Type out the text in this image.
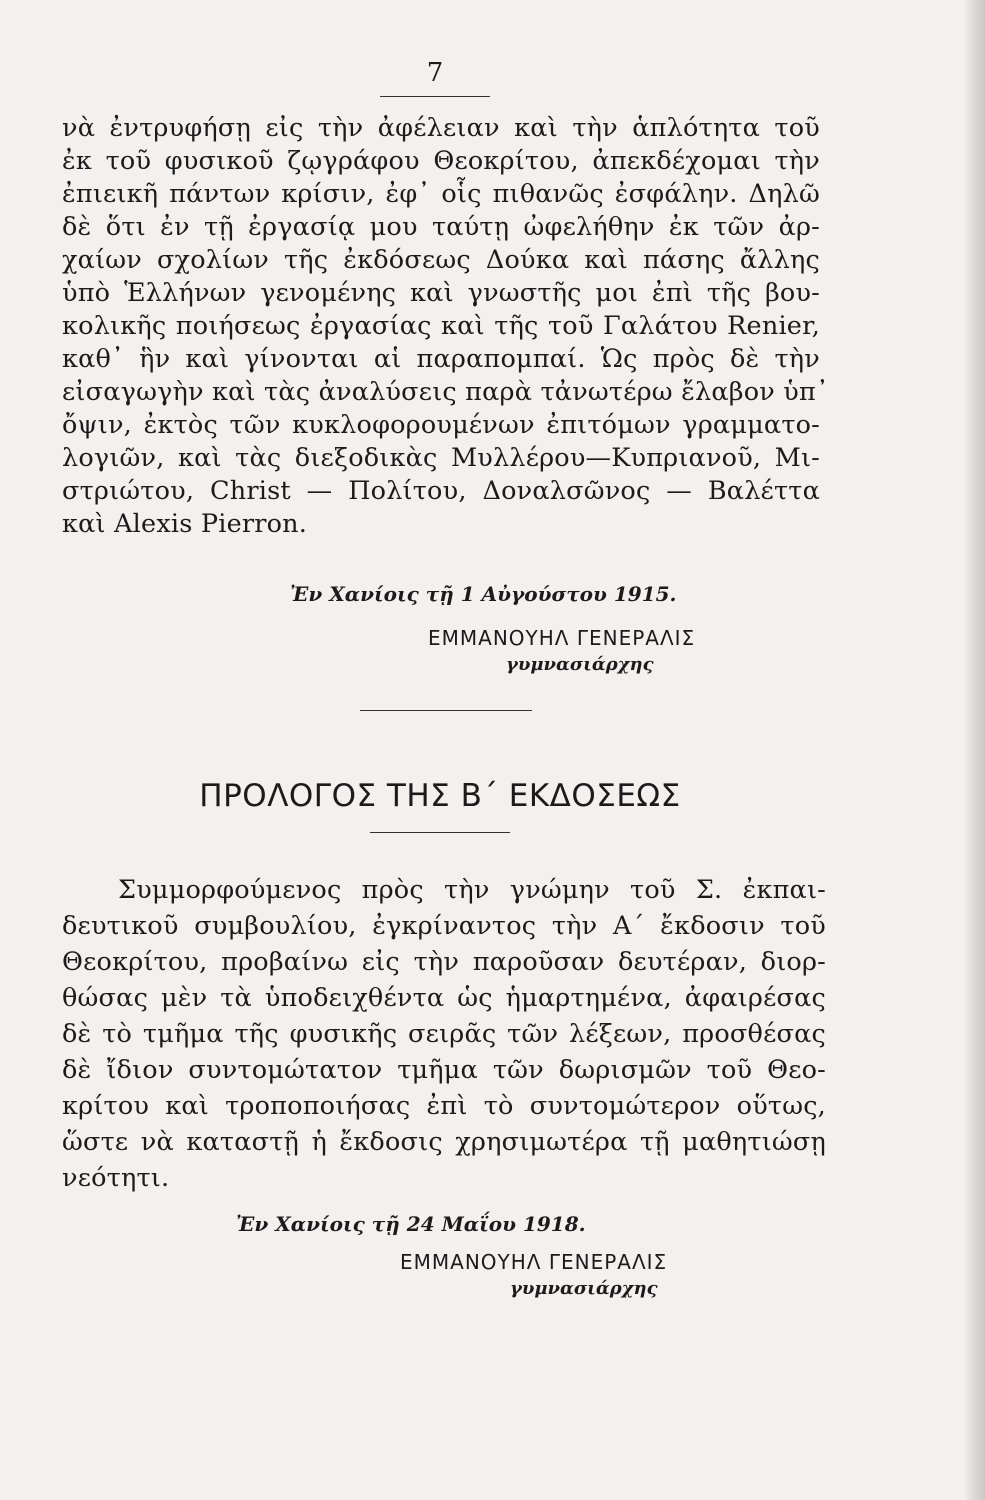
7
νὰ ἐντρυφήσῃ εἰς τὴν ἀφέλειαν καὶ τὴν ἁπλότητα τοῦ
ἐκ τοῦ φυσικοῦ ζῳγράφου Θεοκρίτου, ἀπεκδέχομαι τὴν
ἐπιεικῆ πάντων κρίσιν, ἐφ᾽ οἷς πιθανῶς ἐσφάλην. Δηλῶ
δὲ ὅτι ἐν τῇ ἐργασίᾳ μου ταύτῃ ὠφελήθην ἐκ τῶν ἀρ-
χαίων σχολίων τῆς ἐκδόσεως Δούκα καὶ πάσης ἄλλης
ὑπὸ Ἑλλήνων γενομένης καὶ γνωστῆς μοι ἐπὶ τῆς βου-
κολικῆς ποιήσεως ἐργασίας καὶ τῆς τοῦ Γαλάτου Renier,
καθ᾽ ἣν καὶ γίνονται αἱ παραπομπαί. Ὡς πρὸς δὲ τὴν
εἰσαγωγὴν καὶ τὰς ἀναλύσεις παρὰ τἀνωτέρω ἔλαβον ὑπ᾽
ὄψιν, ἐκτὸς τῶν κυκλοφορουμένων ἐπιτόμων γραμματο-
λογιῶν, καὶ τὰς διεξοδικὰς Μυλλέρου—Κυπριανοῦ, Μι-
στριώτου, Christ — Πολίτου, Δοναλσῶνος — Βαλέττα
καὶ Alexis Pierron.
Ἐν Χανίοις τῇ 1 Αὐγούστου 1915.
ΕΜΜΑΝΟΥΗΛ ΓΕΝΕΡΑΛΙΣ
γυμνασιάρχης
ΠΡΟΛΟΓΟΣ ΤΗΣ Β΄ ΕΚΔΟΣΕΩΣ
Συμμορφούμενος πρὸς τὴν γνώμην τοῦ Σ. ἐκπαι-
δευτικοῦ συμβουλίου, ἐγκρίναντος τὴν Α΄ ἔκδοσιν τοῦ
Θεοκρίτου, προβαίνω εἰς τὴν παροῦσαν δευτέραν, διορ-
θώσας μὲν τὰ ὑποδειχθέντα ὡς ἡμαρτημένα, ἀφαιρέσας
δὲ τὸ τμῆμα τῆς φυσικῆς σειρᾶς τῶν λέξεων, προσθέσας
δὲ ἴδιον συντομώτατον τμῆμα τῶν δωρισμῶν τοῦ Θεο-
κρίτου καὶ τροποποιήσας ἐπὶ τὸ συντομώτερον οὕτως,
ὥστε νὰ καταστῇ ἡ ἔκδοσις χρησιμωτέρα τῇ μαθητιώσῃ
νεότητι.
Ἐν Χανίοις τῇ 24 Μαΐου 1918.
ΕΜΜΑΝΟΥΗΛ ΓΕΝΕΡΑΛΙΣ
γυμνασιάρχης
